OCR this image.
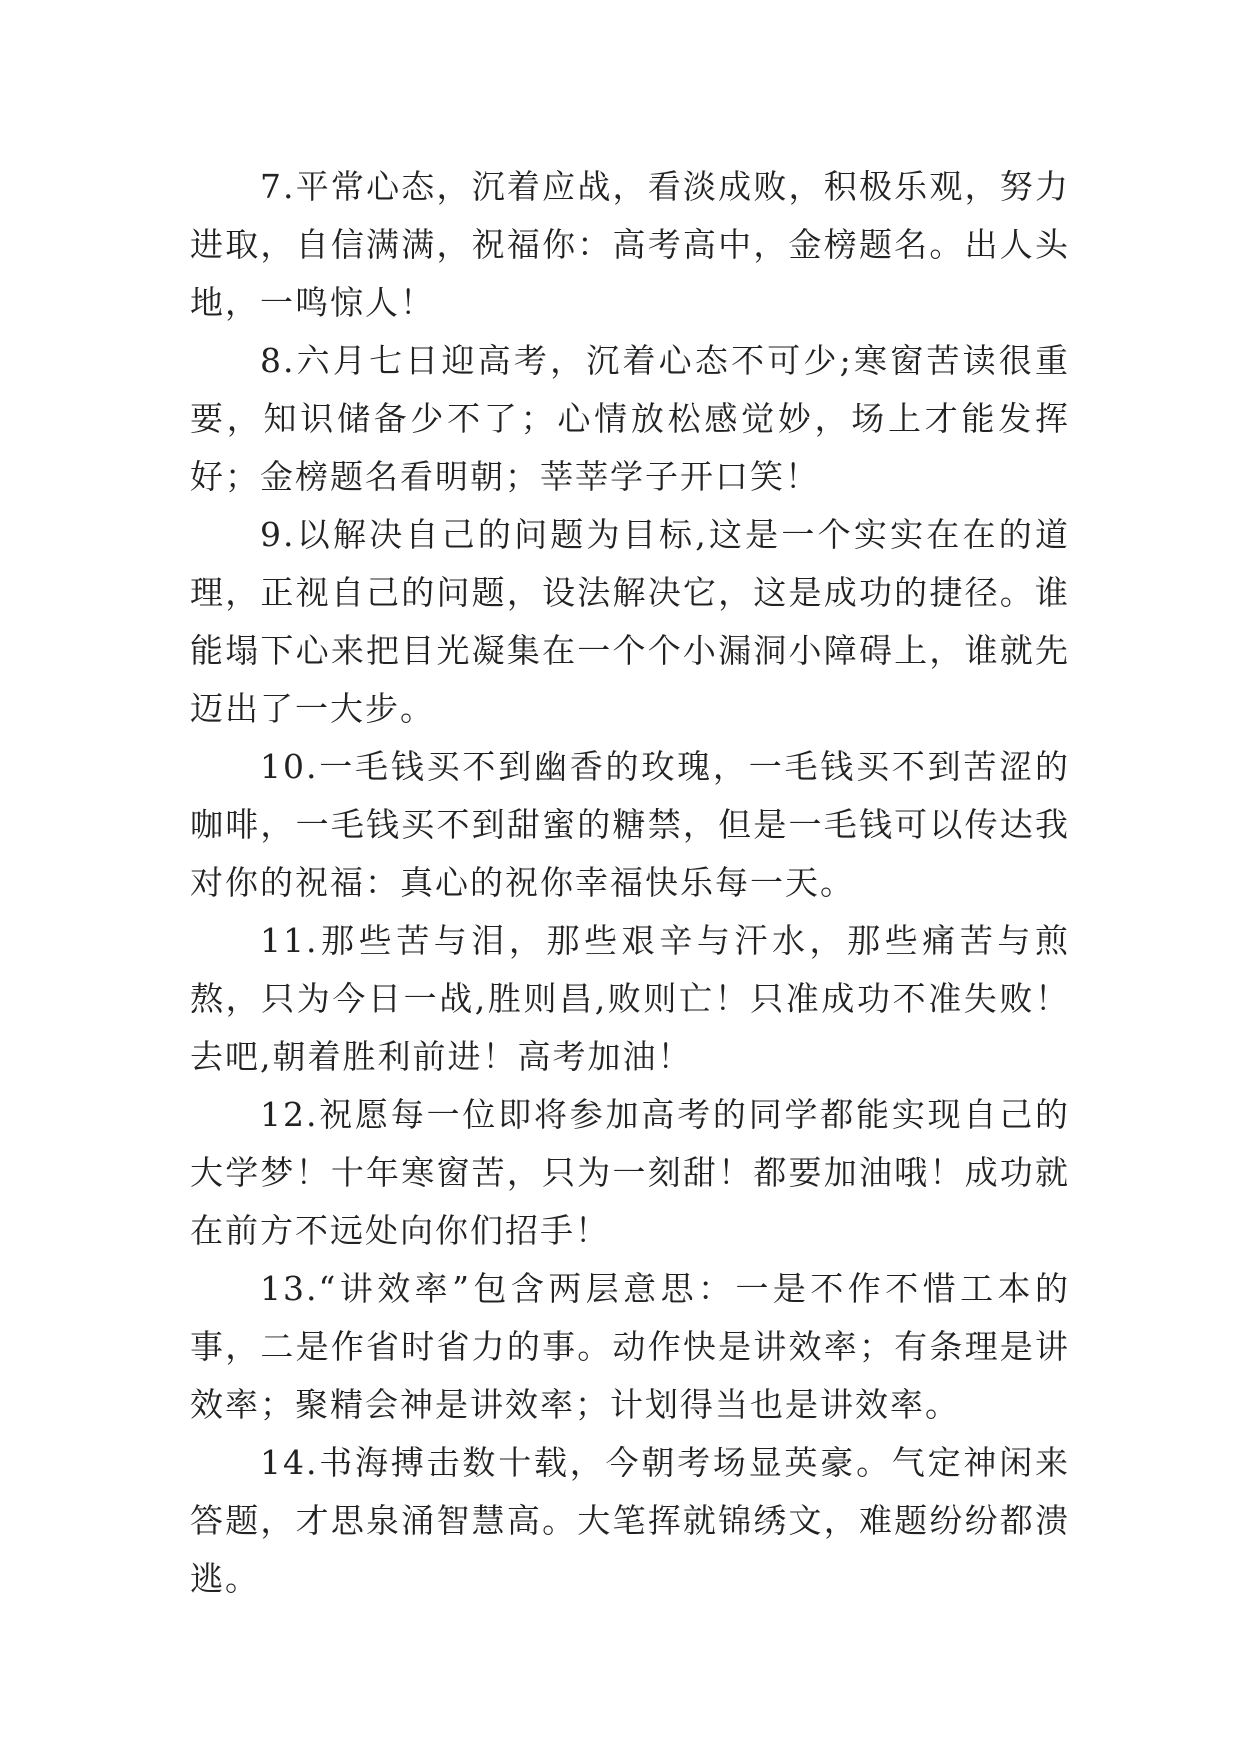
7.平常心态，沉着应战，看淡成败，积极乐观，努力进取，自信满满，祝福你：高考高中，金榜题名。出人头地，一鸣惊人！

8.六月七日迎高考，沉着心态不可少;寒窗苦读很重要，知识储备少不了；心情放松感觉妙，场上才能发挥好；金榜题名看明朝；莘莘学子开口笑！

9.以解决自己的问题为目标,这是一个实实在在的道理，正视自己的问题，设法解决它，这是成功的捷径。谁能塌下心来把目光凝集在一个个小漏洞小障碍上，谁就先迈出了一大步。

10.一毛钱买不到幽香的玫瑰，一毛钱买不到苦涩的咖啡，一毛钱买不到甜蜜的糖禁，但是一毛钱可以传达我对你的祝福：真心的祝你幸福快乐每一天。

11.那些苦与泪，那些艰辛与汗水，那些痛苦与煎熬，只为今日一战,胜则昌,败则亡！只准成功不准失败！去吧,朝着胜利前进！高考加油！

12.祝愿每一位即将参加高考的同学都能实现自己的大学梦！十年寒窗苦，只为一刻甜！都要加油哦！成功就在前方不远处向你们招手！

13.“讲效率”包含两层意思：一是不作不惜工本的事，二是作省时省力的事。动作快是讲效率；有条理是讲效率；聚精会神是讲效率；计划得当也是讲效率。

14.书海搏击数十载，今朝考场显英豪。气定神闲来答题，才思泉涌智慧高。大笔挥就锦绣文，难题纷纷都溃逃。
